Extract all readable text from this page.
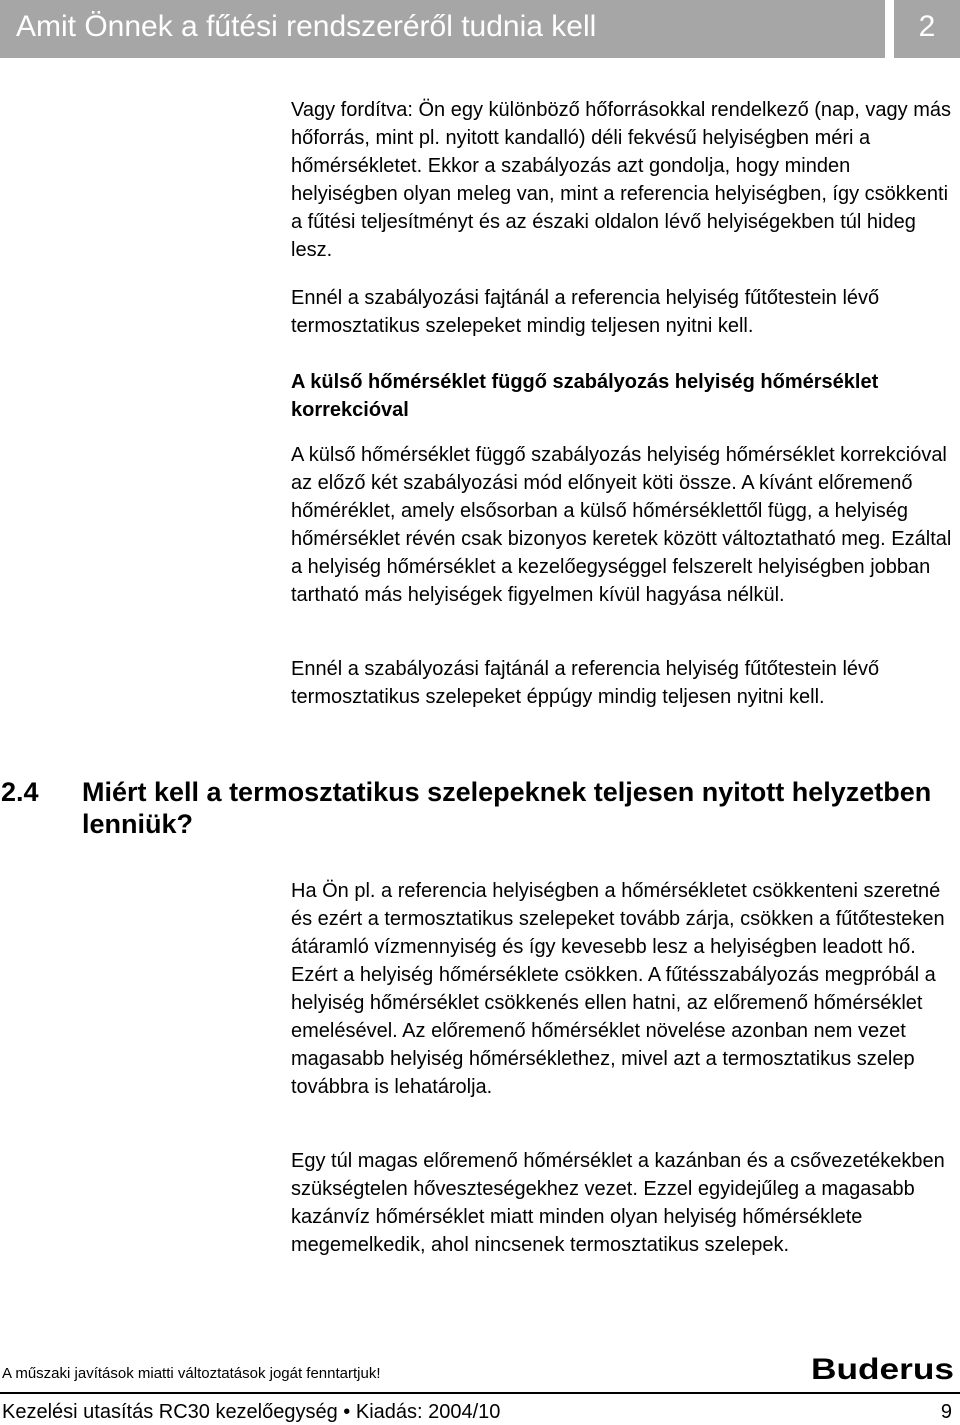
Amit Önnek a fűtési rendszeréről tudnia kell	2

Vagy fordítva: Ön egy különböző hőforrásokkal rendelkező (nap, vagy más hőforrás, mint pl. nyitott kandalló) déli fekvésű helyiségben méri a hőmérsékletet. Ekkor a szabályozás azt gondolja, hogy minden helyiségben olyan meleg van, mint a referencia helyiségben, így csökkenti a fűtési teljesítményt és az északi oldalon lévő helyiségekben túl hideg lesz.

Ennél a szabályozási fajtánál a referencia helyiség fűtőtestein lévő termosztatikus szelepeket mindig teljesen nyitni kell.

A külső hőmérséklet függő szabályozás helyiség hőmérséklet korrekcióval

A külső hőmérséklet függő szabályozás helyiség hőmérséklet korrekcióval az előző két szabályozási mód előnyeit köti össze. A kívánt előremenő hőméréklet, amely elsősorban a külső hőmérséklettől függ, a helyiség hőmérséklet révén csak bizonyos keretek között változtatható meg. Ezáltal a helyiség hőmérséklet a kezelőegységgel felszerelt helyiségben jobban tartható más helyiségek figyelmen kívül hagyása nélkül.

Ennél a szabályozási fajtánál a referencia helyiség fűtőtestein lévő termosztatikus szelepeket éppúgy mindig teljesen nyitni kell.

2.4 Miért kell a termosztatikus szelepeknek teljesen nyitott helyzetben lenniük?

Ha Ön pl. a referencia helyiségben a hőmérsékletet csökkenteni szeretné és ezért a termosztatikus szelepeket tovább zárja, csökken a fűtőtesteken átáramló vízmennyiség és így kevesebb lesz a helyiségben leadott hő. Ezért a helyiség hőmérséklete csökken. A fűtésszabályozás megpróbál a helyiség hőmérséklet csökkenés ellen hatni, az előremenő hőmérséklet emelésével. Az előremenő hőmérséklet növelése azonban nem vezet magasabb helyiség hőmérséklethez, mivel azt a termosztatikus szelep továbbra is lehatárolja.

Egy túl magas előremenő hőmérséklet a kazánban és a csővezetékekben szükségtelen hőveszteségekhez vezet. Ezzel egyidejűleg a magasabb kazánvíz hőmérséklet miatt minden olyan helyiség hőmérséklete megemelkedik, ahol nincsenek termosztatikus szelepek.

A műszaki javítások miatti változtatások jogát fenntartjuk!	Buderus
Kezelési utasítás RC30 kezelőegység • Kiadás: 2004/10	9
